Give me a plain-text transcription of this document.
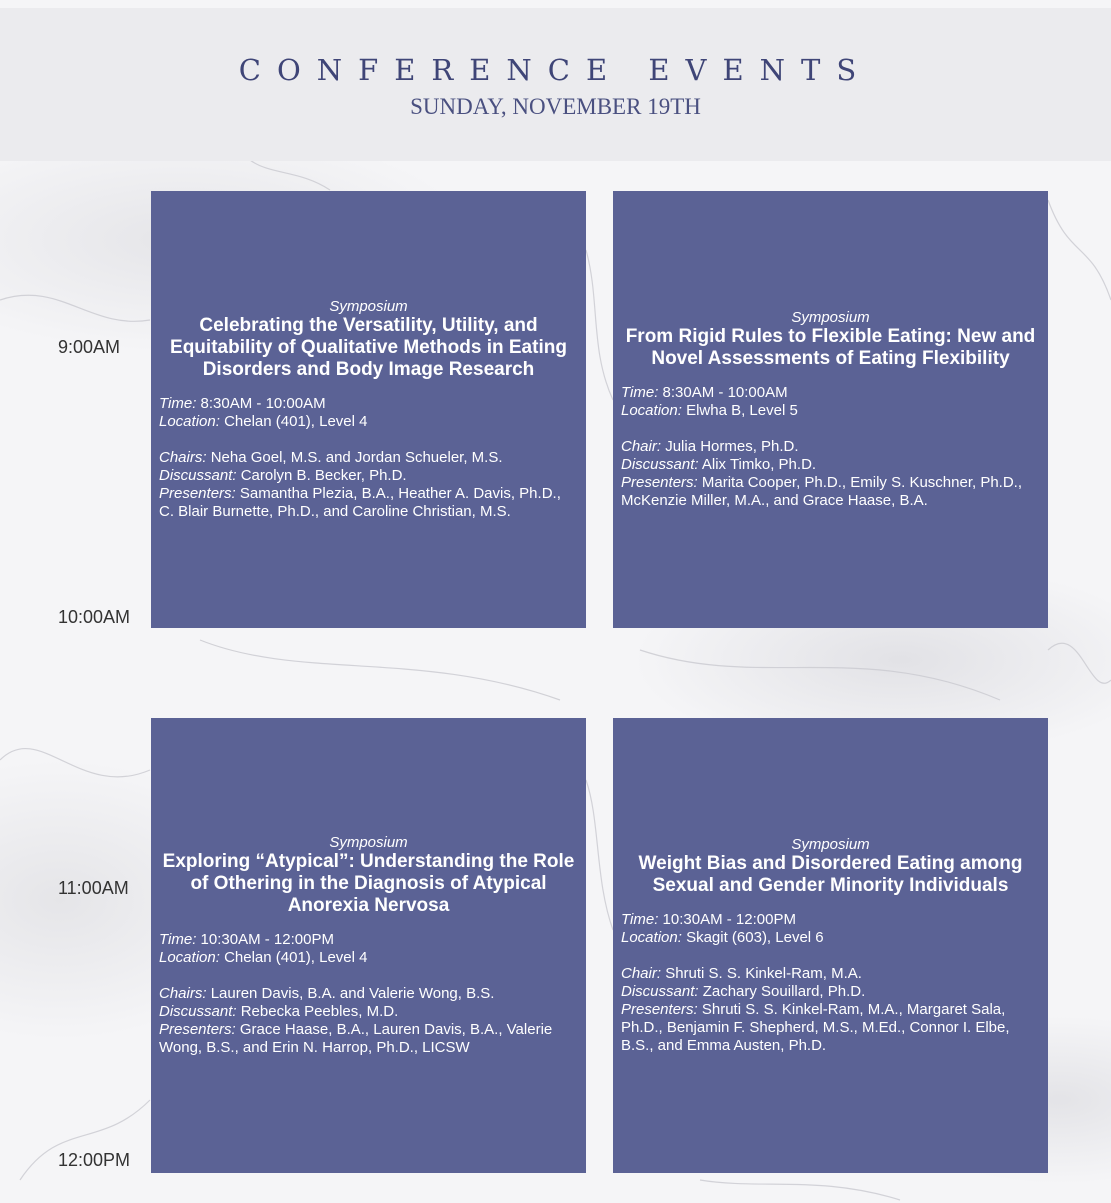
CONFERENCE EVENTS
SUNDAY, NOVEMBER 19TH
9:00AM
10:00AM
11:00AM
12:00PM
Symposium
Celebrating the Versatility, Utility, and Equitability of Qualitative Methods in Eating Disorders and Body Image Research
Time: 8:30AM - 10:00AM
Location: Chelan (401), Level 4
Chairs: Neha Goel, M.S. and Jordan Schueler, M.S.
Discussant: Carolyn B. Becker, Ph.D.
Presenters: Samantha Plezia, B.A., Heather A. Davis, Ph.D., C. Blair Burnette, Ph.D., and Caroline Christian, M.S.
Symposium
From Rigid Rules to Flexible Eating: New and Novel Assessments of Eating Flexibility
Time: 8:30AM - 10:00AM
Location: Elwha B, Level 5
Chair: Julia Hormes, Ph.D.
Discussant: Alix Timko, Ph.D.
Presenters: Marita Cooper, Ph.D., Emily S. Kuschner, Ph.D., McKenzie Miller, M.A., and Grace Haase, B.A.
Symposium
Exploring “Atypical”: Understanding the Role of Othering in the Diagnosis of Atypical Anorexia Nervosa
Time: 10:30AM - 12:00PM
Location: Chelan (401), Level 4
Chairs: Lauren Davis, B.A. and Valerie Wong, B.S.
Discussant: Rebecka Peebles, M.D.
Presenters: Grace Haase, B.A., Lauren Davis, B.A., Valerie Wong, B.S., and Erin N. Harrop, Ph.D., LICSW
Symposium
Weight Bias and Disordered Eating among Sexual and Gender Minority Individuals
Time: 10:30AM - 12:00PM
Location: Skagit (603), Level 6
Chair: Shruti S. S. Kinkel-Ram, M.A.
Discussant: Zachary Souillard, Ph.D.
Presenters: Shruti S. S. Kinkel-Ram, M.A., Margaret Sala, Ph.D., Benjamin F. Shepherd, M.S., M.Ed., Connor I. Elbe, B.S., and Emma Austen, Ph.D.
